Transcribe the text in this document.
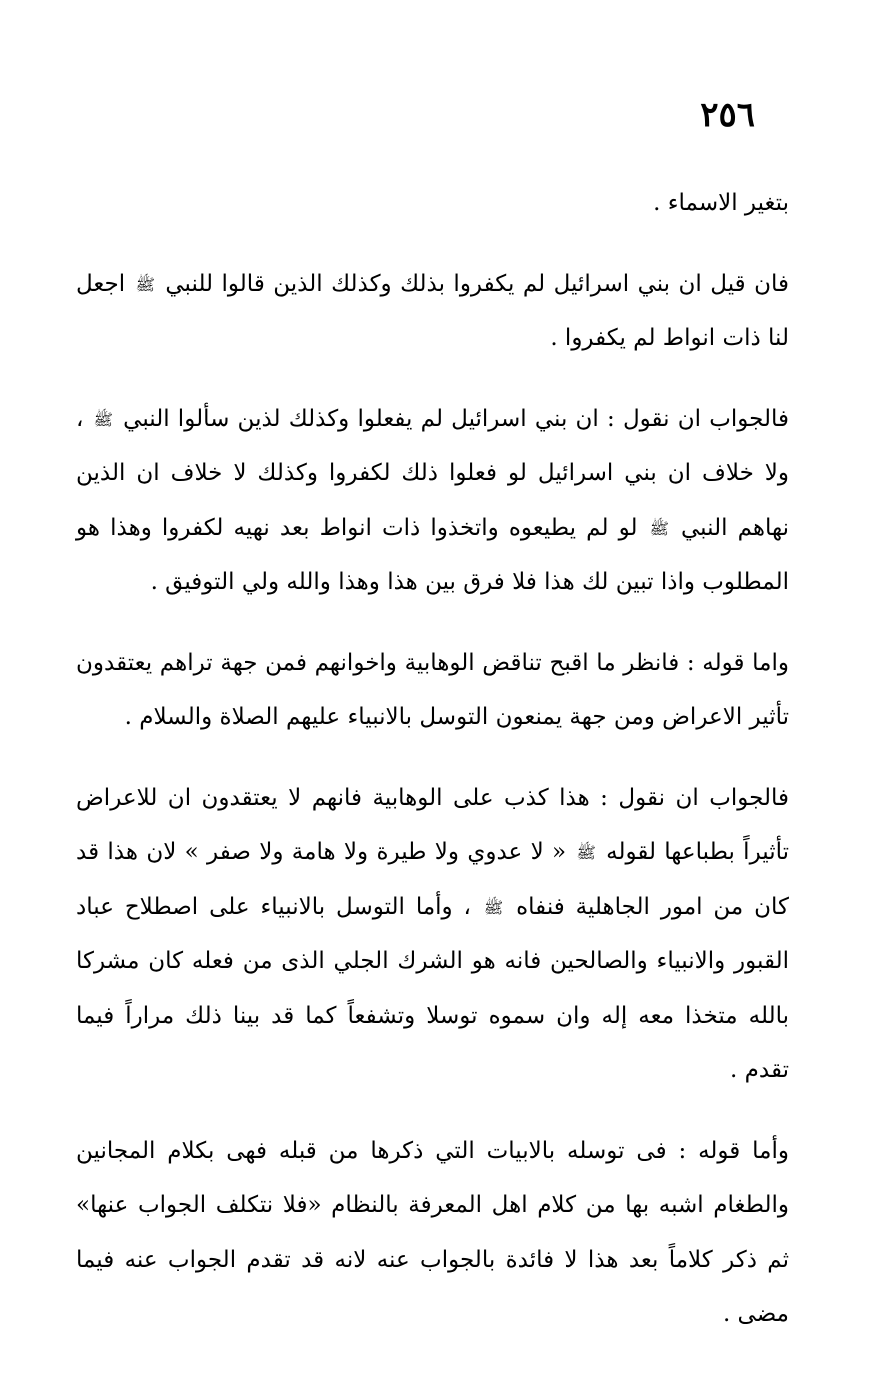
٢٥٦

بتغير الاسماء .

فان قيل ان بني اسرائيل لم يكفروا بذلك وكذلك الذين قالوا للنبي ﷺ اجعل لنا ذات انواط لم يكفروا .

فالجواب ان نقول : ان بني اسرائيل لم يفعلوا وكذلك لذين سألوا النبي ﷺ ، ولا خلاف ان بني اسرائيل لو فعلوا ذلك لكفروا وكذلك لا خلاف ان الذين نهاهم النبي ﷺ لو لم يطيعوه واتخذوا ذات انواط بعد نهيه لكفروا وهذا هو المطلوب واذا تبين لك هذا فلا فرق بين هذا وهذا والله ولي التوفيق .

واما قوله : فانظر ما اقبح تناقض الوهابية واخوانهم فمن جهة تراهم يعتقدون تأثير الاعراض ومن جهة يمنعون التوسل بالانبياء عليهم الصلاة والسلام .

فالجواب ان نقول : هذا كذب على الوهابية فانهم لا يعتقدون ان للاعراض تأثيراً بطباعها لقوله ﷺ « لا عدوي ولا طيرة ولا هامة ولا صفر » لان هذا قد كان من امور الجاهلية فنفاه ﷺ ، وأما التوسل بالانبياء على اصطلاح عباد القبور والانبياء والصالحين فانه هو الشرك الجلي الذى من فعله كان مشركا بالله متخذا معه إله وان سموه توسلا وتشفعاً كما قد بينا ذلك مراراً فيما تقدم .

وأما قوله : فى توسله بالابيات التي ذكرها من قبله فهى بكلام المجانين والطغام اشبه بها من كلام اهل المعرفة بالنظام «فلا نتكلف الجواب عنها» ثم ذكر كلاماً بعد هذا لا فائدة بالجواب عنه لانه قد تقدم الجواب عنه فيما مضى .
